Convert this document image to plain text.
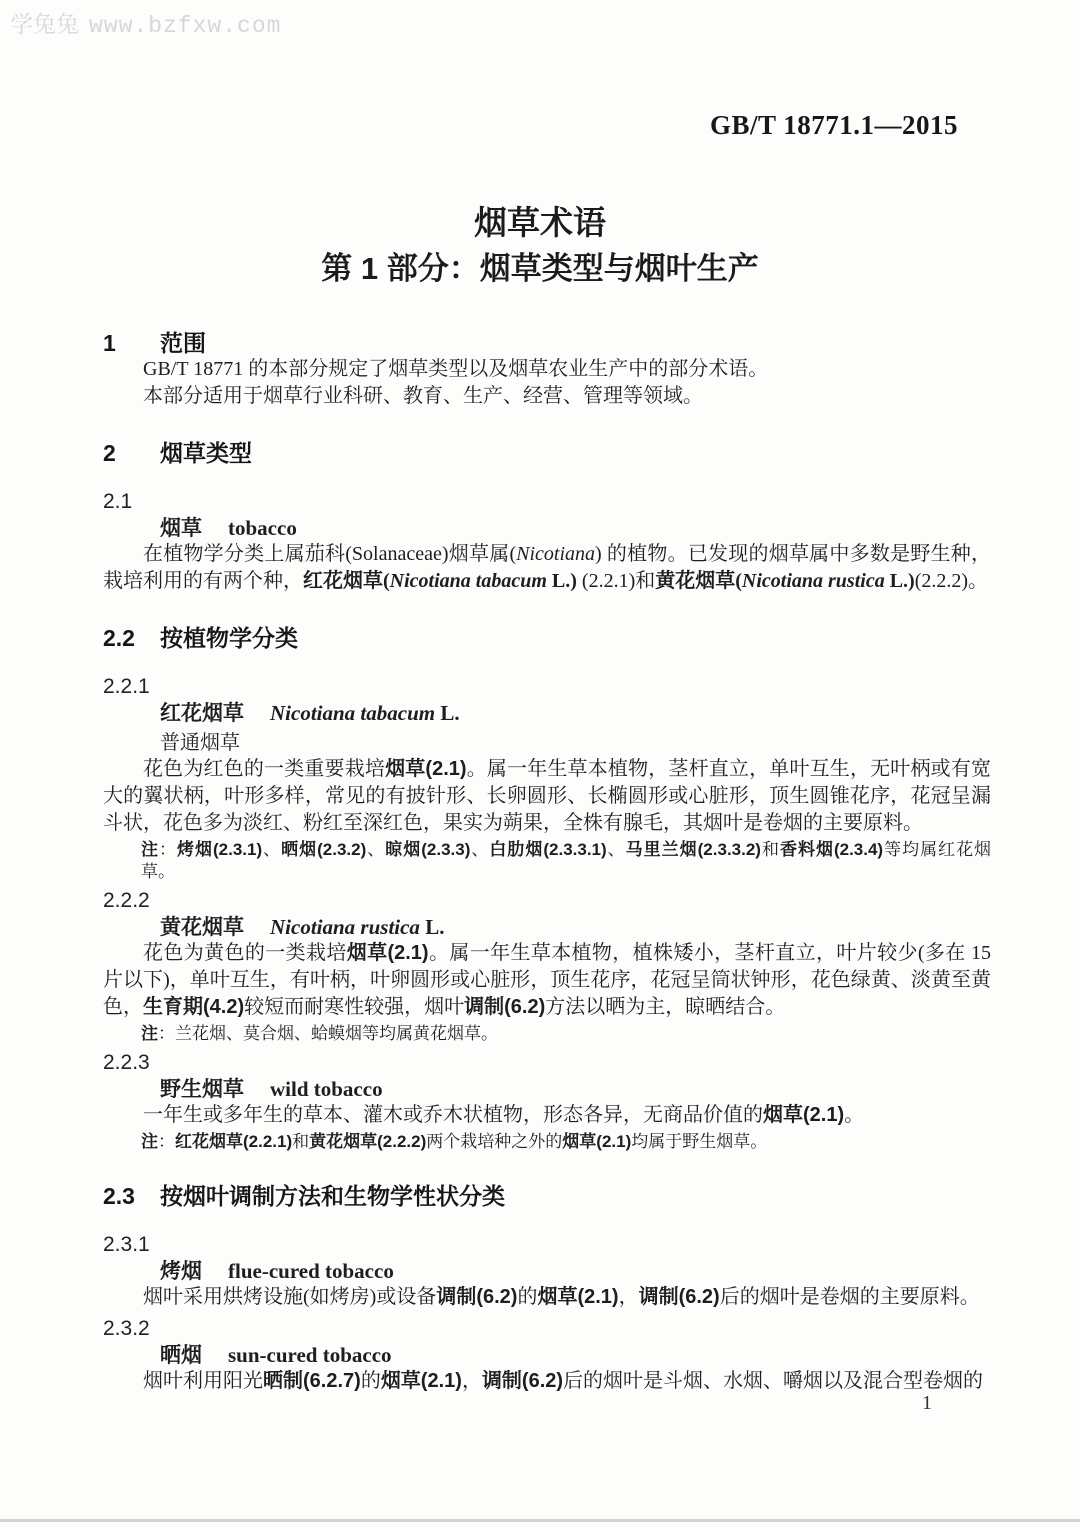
学兔兔 www.bzfxw.com
GB/T 18771.1—2015
烟草术语
第 1 部分：烟草类型与烟叶生产
1	范围
GB/T 18771 的本部分规定了烟草类型以及烟草农业生产中的部分术语。
本部分适用于烟草行业科研、教育、生产、经营、管理等领域。
2	烟草类型
2.1
烟草 tobacco
在植物学分类上属茄科(Solanaceae)烟草属(Nicotiana) 的植物。已发现的烟草属中多数是野生种，栽培利用的有两个种，红花烟草(Nicotiana tabacum L.) (2.2.1)和黄花烟草(Nicotiana rustica L.)(2.2.2)。
2.2	按植物学分类
2.2.1
红花烟草 Nicotiana tabacum L.
普通烟草
花色为红色的一类重要栽培烟草(2.1)。属一年生草本植物，茎杆直立，单叶互生，无叶柄或有宽大的翼状柄，叶形多样，常见的有披针形、长卵圆形、长椭圆形或心脏形，顶生圆锥花序，花冠呈漏斗状，花色多为淡红、粉红至深红色，果实为蒴果，全株有腺毛，其烟叶是卷烟的主要原料。
注：烤烟(2.3.1)、晒烟(2.3.2)、晾烟(2.3.3)、白肋烟(2.3.3.1)、马里兰烟(2.3.3.2)和香料烟(2.3.4)等均属红花烟草。
2.2.2
黄花烟草 Nicotiana rustica L.
花色为黄色的一类栽培烟草(2.1)。属一年生草本植物，植株矮小，茎杆直立，叶片较少(多在 15 片以下)，单叶互生，有叶柄，叶卵圆形或心脏形，顶生花序，花冠呈筒状钟形，花色绿黄、淡黄至黄色，生育期(4.2)较短而耐寒性较强，烟叶调制(6.2)方法以晒为主，晾晒结合。
注：兰花烟、莫合烟、蛤蟆烟等均属黄花烟草。
2.2.3
野生烟草 wild tobacco
一年生或多年生的草本、灌木或乔木状植物，形态各异，无商品价值的烟草(2.1)。
注：红花烟草(2.2.1)和黄花烟草(2.2.2)两个栽培种之外的烟草(2.1)均属于野生烟草。
2.3	按烟叶调制方法和生物学性状分类
2.3.1
烤烟 flue-cured tobacco
烟叶采用烘烤设施(如烤房)或设备调制(6.2)的烟草(2.1)，调制(6.2)后的烟叶是卷烟的主要原料。
2.3.2
晒烟 sun-cured tobacco
烟叶利用阳光晒制(6.2.7)的烟草(2.1)，调制(6.2)后的烟叶是斗烟、水烟、嚼烟以及混合型卷烟的
1
